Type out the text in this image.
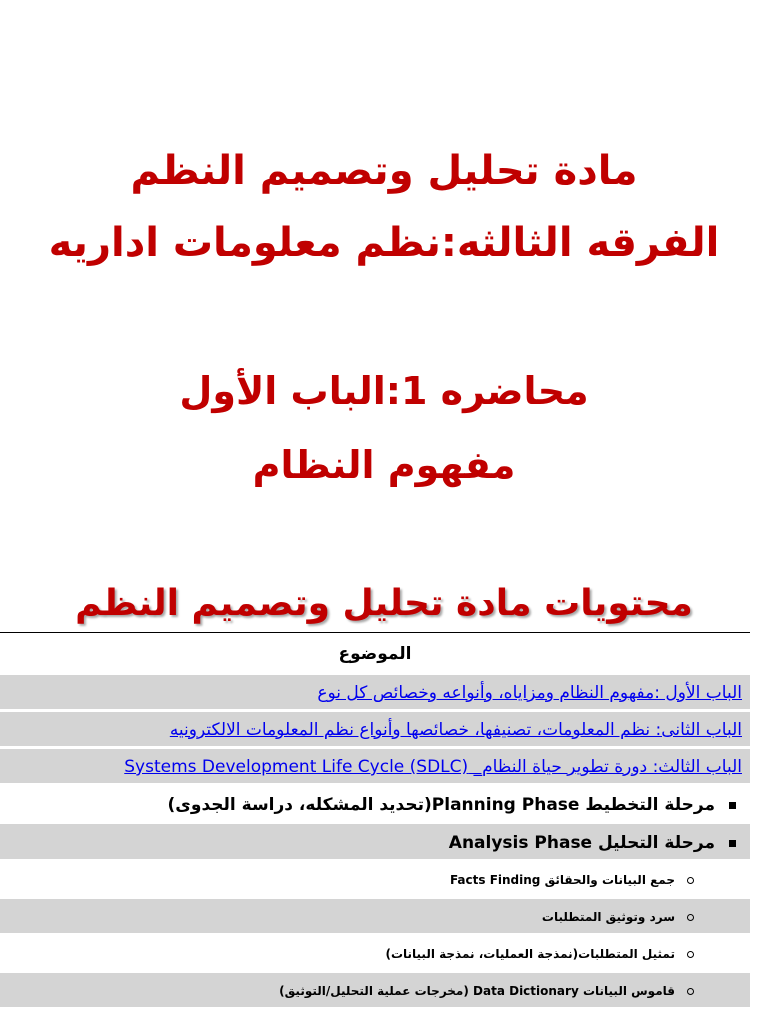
مادة تحليل وتصميم النظم
الفرقه الثالثه:نظم معلومات اداريه
محاضره 1:الباب الأول
مفهوم النظام
محتويات مادة تحليل وتصميم النظم
الموضوع
الباب الأول :مفهوم النظام ومزاياه، وأنواعه وخصائص كل نوع
الباب الثانى: نظم المعلومات، تصنيفها، خصائصها وأنواع نظم المعلومات الالكترونيه
الباب الثالث: دورة تطوير حياة النظام_ Systems Development Life Cycle (SDLC)
مرحلة التخطيط Planning Phase(تحديد المشكله، دراسة الجدوى)
مرحلة التحليل Analysis Phase
جمع البيانات والحقائق Facts Finding
سرد وتوثيق المتطلبات
تمثيل المتطلبات(نمذجة العمليات، نمذجة البيانات)
قاموس البيانات Data Dictionary (مخرجات عملية التحليل/التوثيق)
